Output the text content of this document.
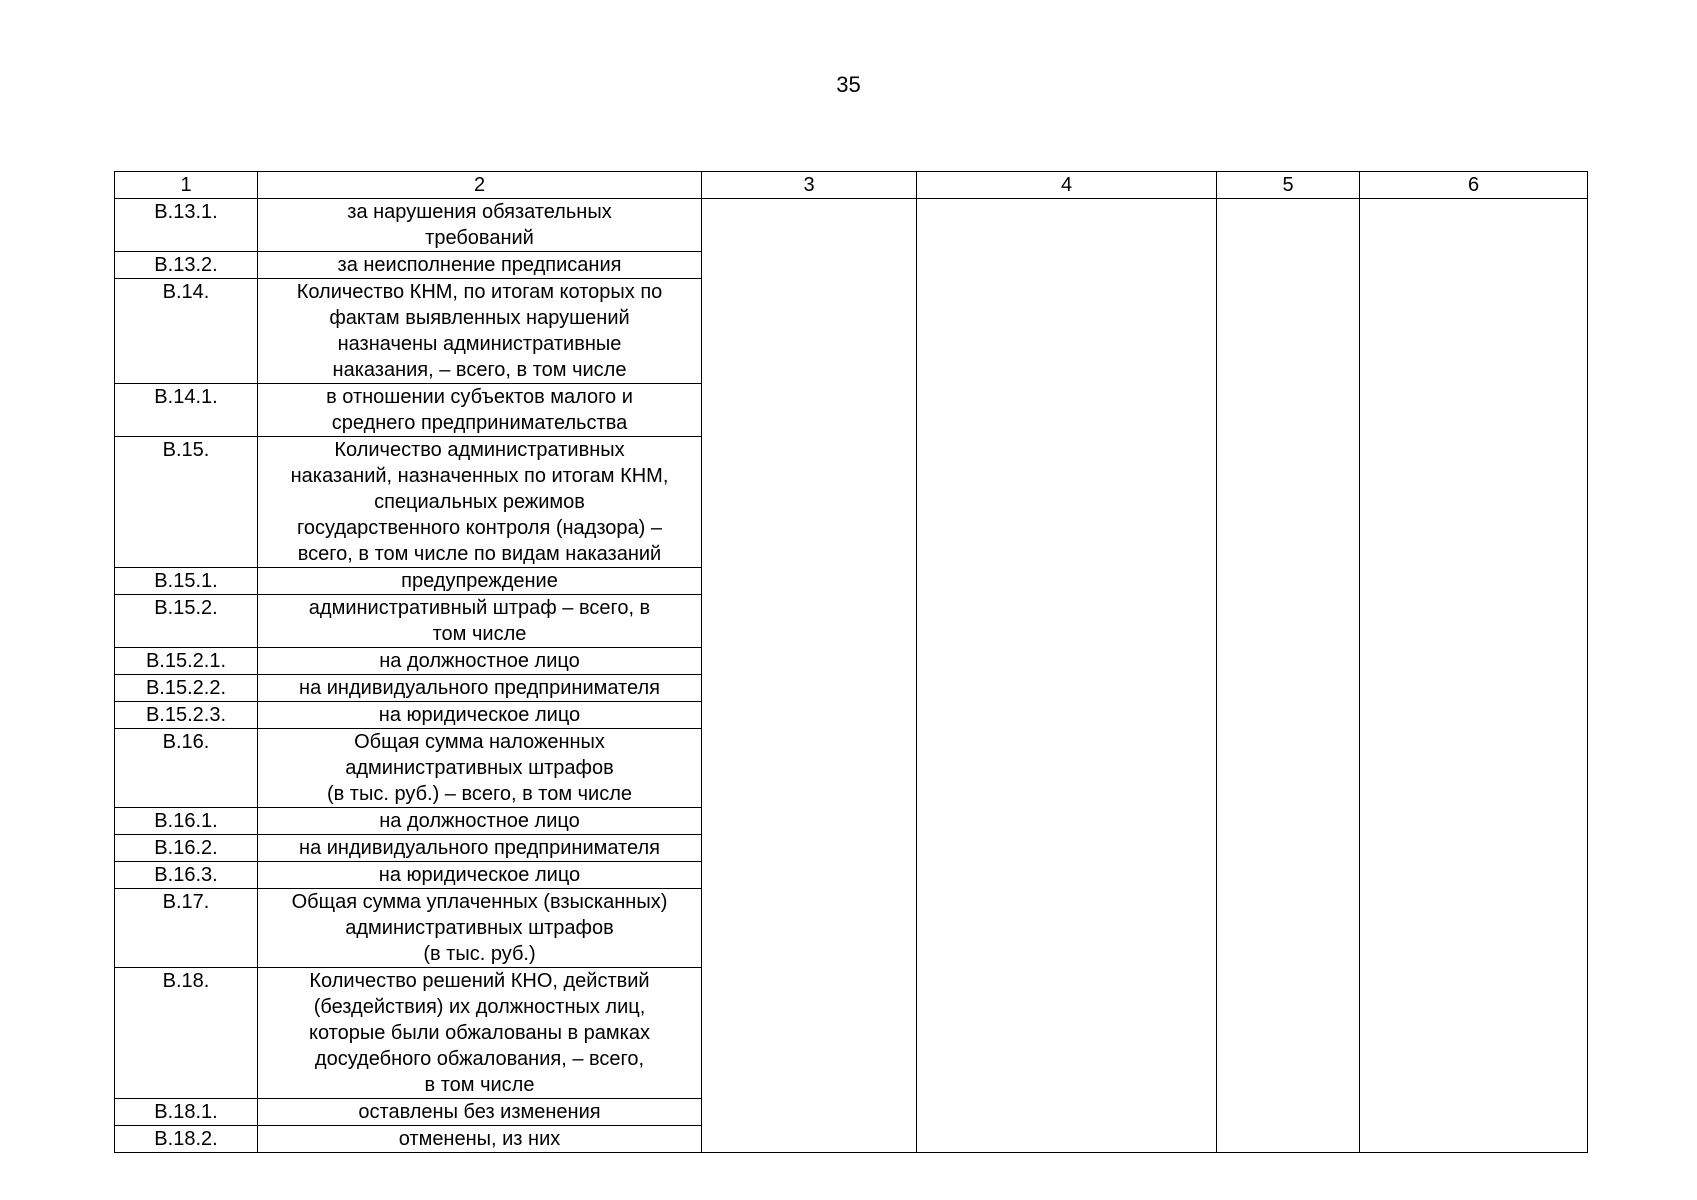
35
1	2	3	4	5	6
В.13.1.	за нарушения обязательных
требований				

В.13.2.	за неисполнение предписания				

В.14.	Количество КНМ, по итогам которых по
фактам выявленных нарушений
назначены административные
наказания, – всего, в том числе				

В.14.1.	в отношении субъектов малого и
среднего предпринимательства				

В.15.	Количество административных
наказаний, назначенных по итогам КНМ,
специальных режимов
государственного контроля (надзора) –
всего, в том числе по видам наказаний				

В.15.1.	предупреждение				

В.15.2.	административный штраф – всего, в
том числе				

В.15.2.1.	на должностное лицо				

В.15.2.2.	на индивидуального предпринимателя				

В.15.2.3.	на юридическое лицо				

В.16.	Общая сумма наложенных
административных штрафов
(в тыс. руб.) – всего, в том числе				

В.16.1.	на должностное лицо				

В.16.2.	на индивидуального предпринимателя				

В.16.3.	на юридическое лицо				

В.17.	Общая сумма уплаченных (взысканных)
административных штрафов
(в тыс. руб.)				

В.18.	Количество решений КНО, действий
(бездействия) их должностных лиц,
которые были обжалованы в рамках
досудебного обжалования, – всего,
в том числе				

В.18.1.	оставлены без изменения				

В.18.2.	отменены, из них				
